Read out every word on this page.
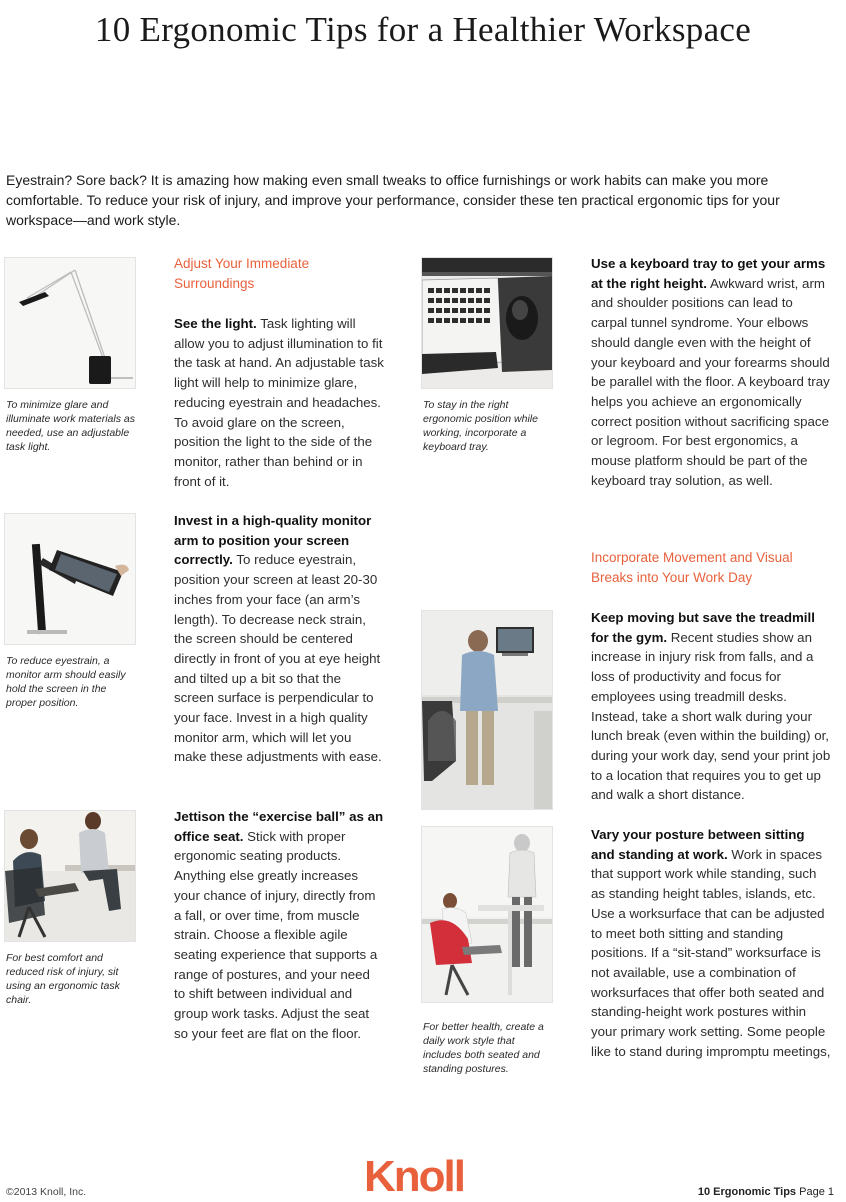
10 Ergonomic Tips for a Healthier Workspace
Eyestrain? Sore back? It is amazing how making even small tweaks to office furnishings or work habits can make you more comfortable. To reduce your risk of injury, and improve your performance, consider these ten practical ergonomic tips for your workspace—and work style.
To minimize glare and illuminate work materials as needed, use an adjustable task light.
To reduce eyestrain, a monitor arm should easily hold the screen in the proper position.
For best comfort and reduced risk of injury, sit using an ergonomic task chair.
Adjust Your Immediate Surroundings
See the light. Task lighting will allow you to adjust illumination to fit the task at hand. An adjustable task light will help to minimize glare, reducing eyestrain and headaches. To avoid glare on the screen, position the light to the side of the monitor, rather than behind or in front of it.
Invest in a high-quality monitor arm to position your screen correctly. To reduce eyestrain, position your screen at least 20-30 inches from your face (an arm’s length). To decrease neck strain, the screen should be centered directly in front of you at eye height and tilted up a bit so that the screen surface is perpendicular to your face. Invest in a high quality monitor arm, which will let you make these adjustments with ease.
Jettison the “exercise ball” as an office seat. Stick with proper ergonomic seating products. Anything else greatly increases your chance of injury, directly from a fall, or over time, from muscle strain. Choose a flexible agile seating experience that supports a range of postures, and your need to shift between individual and group work tasks. Adjust the seat so your feet are flat on the floor.
To stay in the right ergonomic position while working, incorporate a keyboard tray.
For better health, create a daily work style that includes both seated and standing postures.
Use a keyboard tray to get your arms at the right height. Awkward wrist, arm and shoulder positions can lead to carpal tunnel syndrome. Your elbows should dangle even with the height of your keyboard and your forearms should be parallel with the floor. A keyboard tray helps you achieve an ergonomically correct position without sacrificing space or legroom. For best ergonomics, a mouse platform should be part of the keyboard tray solution, as well.
Incorporate Movement and Visual Breaks into Your Work Day
Keep moving but save the treadmill for the gym. Recent studies show an increase in injury risk from falls, and a loss of productivity and focus for employees using treadmill desks. Instead, take a short walk during your lunch break (even within the building) or, during your work day, send your print job to a location that requires you to get up and walk a short distance.
Vary your posture between sitting and standing at work. Work in spaces that support work while standing, such as standing height tables, islands, etc. Use a worksurface that can be adjusted to meet both sitting and standing positions. If a “sit-stand” worksurface is not available, use a combination of worksurfaces that offer both seated and standing-height work postures within your primary work setting. Some people like to stand during impromptu meetings,
©2013 Knoll, Inc.	Knoll	10 Ergonomic Tips Page 1
